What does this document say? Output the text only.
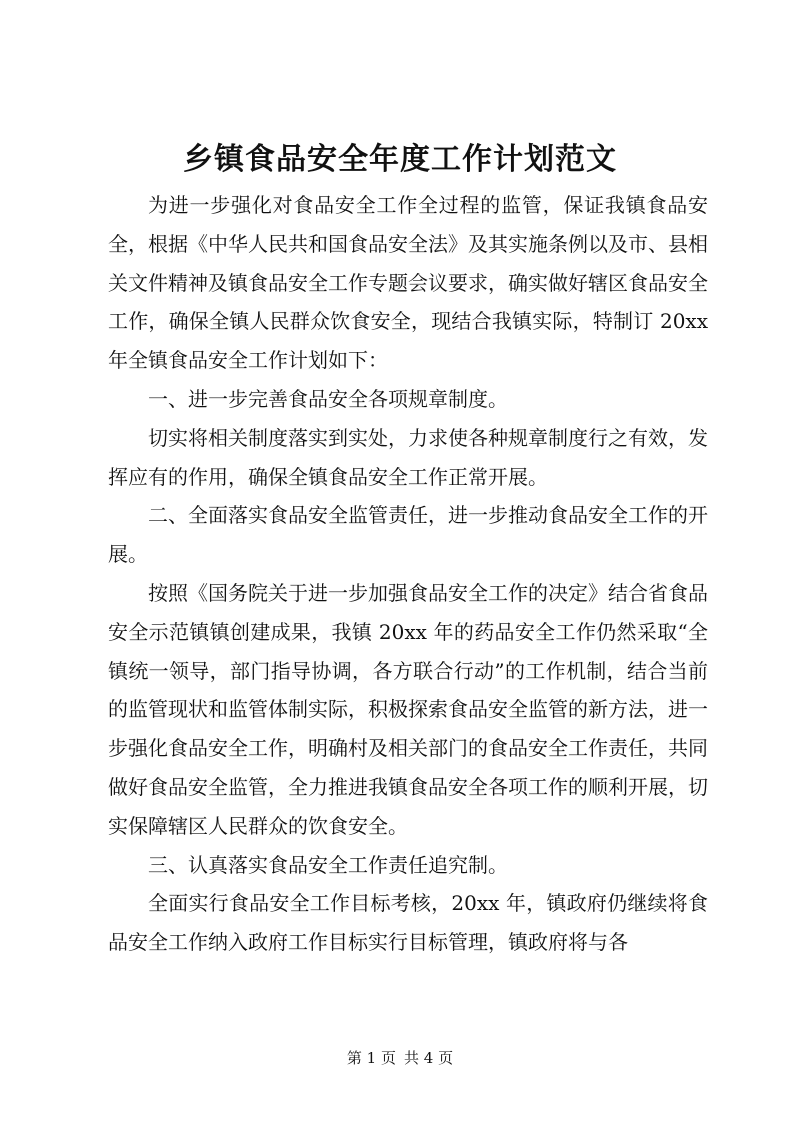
乡镇食品安全年度工作计划范文

为进一步强化对食品安全工作全过程的监管，保证我镇食品安全，根据《中华人民共和国食品安全法》及其实施条例以及市、县相关文件精神及镇食品安全工作专题会议要求，确实做好辖区食品安全工作，确保全镇人民群众饮食安全，现结合我镇实际，特制订 20xx 年全镇食品安全工作计划如下：

一、进一步完善食品安全各项规章制度。

切实将相关制度落实到实处，力求使各种规章制度行之有效，发挥应有的作用，确保全镇食品安全工作正常开展。

二、全面落实食品安全监管责任，进一步推动食品安全工作的开展。

按照《国务院关于进一步加强食品安全工作的决定》结合省食品安全示范镇镇创建成果，我镇 20xx 年的药品安全工作仍然采取“全镇统一领导，部门指导协调，各方联合行动”的工作机制，结合当前的监管现状和监管体制实际，积极探索食品安全监管的新方法，进一步强化食品安全工作，明确村及相关部门的食品安全工作责任，共同做好食品安全监管，全力推进我镇食品安全各项工作的顺利开展，切实保障辖区人民群众的饮食安全。

三、认真落实食品安全工作责任追究制。

全面实行食品安全工作目标考核，20xx 年，镇政府仍继续将食品安全工作纳入政府工作目标实行目标管理，镇政府将与各

第 1 页 共 4 页
